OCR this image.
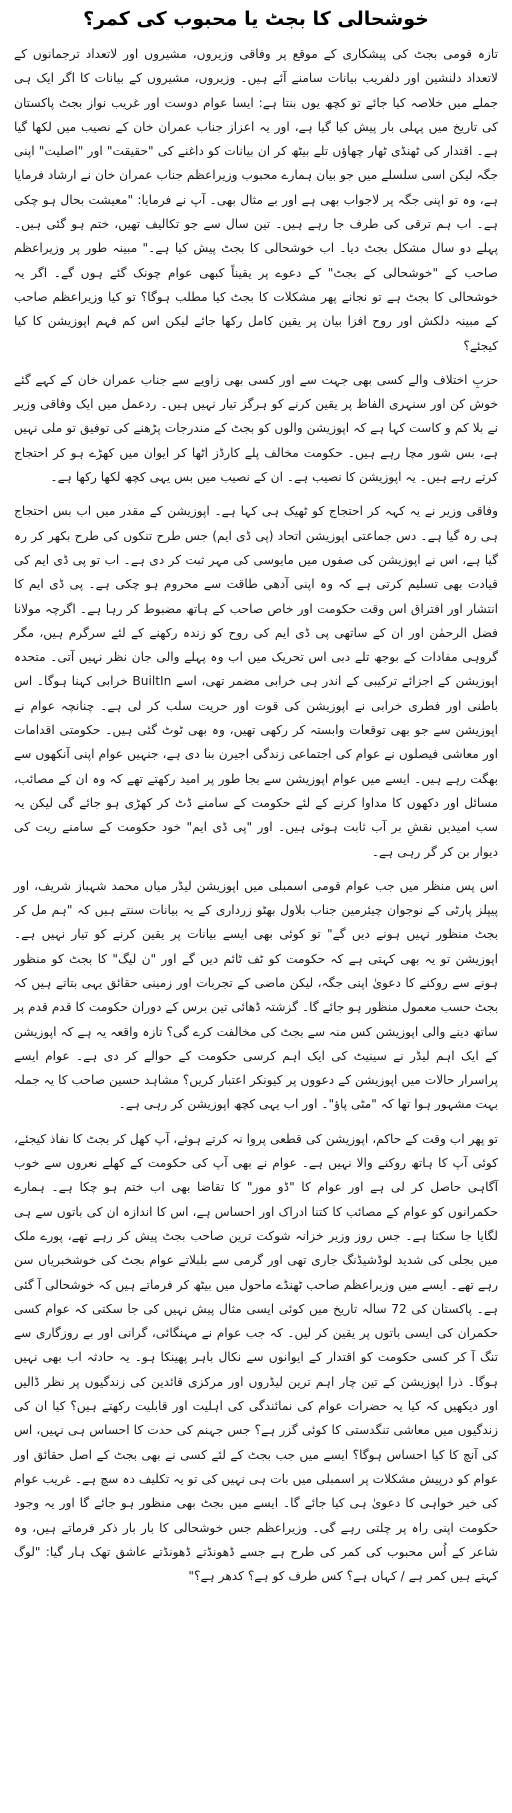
خوشحالی کا بجٹ یا محبوب کی کمر؟

تازہ قومی بجٹ کی پیشکاری کے موقع پر وفاقی وزیروں، مشیروں اور لاتعداد ترجمانوں کے لاتعداد دلنشین اور دلفریب بیانات سامنے آئے ہیں۔ وزیروں، مشیروں کے بیانات کا اگر ایک ہی جملے میں خلاصہ کیا جائے تو کچھ یوں بنتا ہے: ایسا عوام دوست اور غریب نواز بجٹ پاکستان کی تاریخ میں پہلی بار پیش کیا گیا ہے، اور یہ اعزاز جناب عمران خان کے نصیب میں لکھا گیا ہے۔ اقتدار کی ٹھنڈی ٹھار چھاؤں تلے بیٹھ کر ان بیانات کو داغنے کی "حقیقت" اور "اصلیت" اپنی جگہ لیکن اسی سلسلے میں جو بیان ہمارے محبوب وزیراعظم جناب عمران خان نے ارشاد فرمایا ہے، وہ تو اپنی جگہ پر لاجواب بھی ہے اور بے مثال بھی۔ آپ نے فرمایا: "معیشت بحال ہو چکی ہے۔ اب ہم ترقی کی طرف جا رہے ہیں۔ تین سال سے جو تکالیف تھیں، ختم ہو گئی ہیں۔ پہلے دو سال مشکل بجٹ دیا۔ اب خوشحالی کا بجٹ پیش کیا ہے۔" مبینہ طور پر وزیراعظم صاحب کے "خوشحالی کے بجٹ" کے دعوے پر یقیناً کبھی عوام چونک گئے ہوں گے۔ اگر یہ خوشحالی کا بجٹ ہے تو نجانے پھر مشکلات کا بجٹ کیا مطلب ہوگا؟ تو کیا وزیراعظم صاحب کے مبینہ دلکش اور روح افزا بیان پر یقین کامل رکھا جائے لیکن اس کم فہم اپوزیشن کا کیا کیجئے؟

حزبِ اختلاف والے کسی بھی جہت سے اور کسی بھی زاویے سے جناب عمران خان کے کہے گئے خوش کن اور سنہری الفاظ پر یقین کرنے کو ہرگز تیار نہیں ہیں۔ ردعمل میں ایک وفاقی وزیر نے بلا کم و کاست کہا ہے کہ اپوزیشن والوں کو بجٹ کے مندرجات پڑھنے کی توفیق تو ملی نہیں ہے، بس شور مچا رہے ہیں۔ حکومت مخالف پلے کارڈز اٹھا کر ایوان میں کھڑے ہو کر احتجاج کرتے رہے ہیں۔ یہ اپوزیشن کا نصیب ہے۔ ان کے نصیب میں بس یہی کچھ لکھا رکھا ہے۔

وفاقی وزیر نے یہ کہہ کر احتجاج کو ٹھیک ہی کہا ہے۔ اپوزیشن کے مقدر میں اب بس احتجاج ہی رہ گیا ہے۔ دس جماعتی اپوزیشن اتحاد (پی ڈی ایم) جس طرح تنکوں کی طرح بکھر کر رہ گیا ہے، اس نے اپوزیشن کی صفوں میں مایوسی کی مہر ثبت کر دی ہے۔ اب تو پی ڈی ایم کی قیادت بھی تسلیم کرتی ہے کہ وہ اپنی آدھی طاقت سے محروم ہو چکی ہے۔ پی ڈی ایم کا انتشار اور افتراق اس وقت حکومت اور خاص صاحب کے ہاتھ مضبوط کر رہا ہے۔ اگرچہ مولانا فضل الرحمٰن اور ان کے ساتھی پی ڈی ایم کی روح کو زندہ رکھنے کے لئے سرگرم ہیں، مگر گروہی مفادات کے بوجھ تلے دبی اس تحریک میں اب وہ پہلے والی جان نظر نہیں آتی۔ متحدہ اپوزیشن کے اجزائے ترکیبی کے اندر ہی خرابی مضمر تھی، اسے BuiltIn خرابی کہنا ہوگا۔ اس باطنی اور فطری خرابی نے اپوزیشن کی قوت اور حریت سلب کر لی ہے۔ چنانچہ عوام نے اپوزیشن سے جو بھی توقعات وابستہ کر رکھی تھیں، وہ بھی ٹوٹ گئی ہیں۔ حکومتی اقدامات اور معاشی فیصلوں نے عوام کی اجتماعی زندگی اجیرن بنا دی ہے، جنہیں عوام اپنی آنکھوں سے بھگت رہے ہیں۔ ایسے میں عوام اپوزیشن سے بجا طور پر امید رکھتے تھے کہ وہ ان کے مصائب، مسائل اور دکھوں کا مداوا کرنے کے لئے حکومت کے سامنے ڈٹ کر کھڑی ہو جائے گی لیکن یہ سب امیدیں نقشِ بر آب ثابت ہوئی ہیں۔ اور "پی ڈی ایم" خود حکومت کے سامنے ریت کی دیوار بن کر گر رہی ہے۔

اس پس منظر میں جب عوام قومی اسمبلی میں اپوزیشن لیڈر میاں محمد شہباز شریف، اور پیپلز پارٹی کے نوجوان چیئرمین جناب بلاول بھٹو زرداری کے یہ بیانات سنتے ہیں کہ "ہم مل کر بجٹ منظور نہیں ہونے دیں گے" تو کوئی بھی ایسے بیانات پر یقین کرنے کو تیار نہیں ہے۔ اپوزیشن تو یہ بھی کہتی ہے کہ حکومت کو ٹف ٹائم دیں گے اور "ن لیگ" کا بجٹ کو منظور ہونے سے روکنے کا دعویٰ اپنی جگہ، لیکن ماضی کے تجربات اور زمینی حقائق یہی بتاتے ہیں کہ بجٹ حسب معمول منظور ہو جائے گا۔ گزشتہ ڈھائی تین برس کے دوران حکومت کا قدم قدم پر ساتھ دینے والی اپوزیشن کس منہ سے بجٹ کی مخالفت کرے گی؟ تازہ واقعہ یہ ہے کہ اپوزیشن کے ایک اہم لیڈر نے سینیٹ کی ایک اہم کرسی حکومت کے حوالے کر دی ہے۔ عوام ایسے پراسرار حالات میں اپوزیشن کے دعووں پر کیونکر اعتبار کریں؟ مشاہد حسین صاحب کا یہ جملہ بہت مشہور ہوا تھا کہ "مٹی پاؤ"۔ اور اب یہی کچھ اپوزیشن کر رہی ہے۔

تو پھر اب وقت کے حاکم، اپوزیشن کی قطعی پروا نہ کرتے ہوئے، آپ کھل کر بجٹ کا نفاذ کیجئے، کوئی آپ کا ہاتھ روکنے والا نہیں ہے۔ عوام نے بھی آپ کی حکومت کے کھلے نعروں سے خوب آگاہی حاصل کر لی ہے اور عوام کا "ڈو مور" کا تقاضا بھی اب ختم ہو چکا ہے۔ ہمارے حکمرانوں کو عوام کے مصائب کا کتنا ادراک اور احساس ہے، اس کا اندازہ ان کی باتوں سے ہی لگایا جا سکتا ہے۔ جس روز وزیر خزانہ شوکت ترین صاحب بجٹ پیش کر رہے تھے، پورے ملک میں بجلی کی شدید لوڈشیڈنگ جاری تھی اور گرمی سے بلبلاتے عوام بجٹ کی خوشخبریاں سن رہے تھے۔ ایسے میں وزیراعظم صاحب ٹھنڈے ماحول میں بیٹھ کر فرماتے ہیں کہ خوشحالی آ گئی ہے۔ پاکستان کی 72 سالہ تاریخ میں کوئی ایسی مثال پیش نہیں کی جا سکتی کہ عوام کسی حکمران کی ایسی باتوں پر یقین کر لیں۔ کہ جب عوام نے مہنگائی، گرانی اور بے روزگاری سے تنگ آ کر کسی حکومت کو اقتدار کے ایوانوں سے نکال باہر پھینکا ہو۔ یہ حادثہ اب بھی نہیں ہوگا۔ ذرا اپوزیشن کے تین چار اہم ترین لیڈروں اور مرکزی قائدین کی زندگیوں پر نظر ڈالیں اور دیکھیں کہ کیا یہ حضرات عوام کی نمائندگی کی اہلیت اور قابلیت رکھتے ہیں؟ کیا ان کی زندگیوں میں معاشی تنگدستی کا کوئی گزر ہے؟ جس جہنم کی حدت کا احساس ہی نہیں، اس کی آنچ کا کیا احساس ہوگا؟ ایسے میں جب بجٹ کے لئے کسی نے بھی بجٹ کے اصل حقائق اور عوام کو درپیش مشکلات پر اسمبلی میں بات ہی نہیں کی تو یہ تکلیف دہ سچ ہے۔ غریب عوام کی خیر خواہی کا دعویٰ ہی کیا جائے گا۔ ایسے میں بجٹ بھی منظور ہو جائے گا اور یہ وجود حکومت اپنی راہ پر چلتی رہے گی۔ وزیراعظم جس خوشحالی کا بار بار ذکر فرماتے ہیں، وہ شاعر کے اُس محبوب کی کمر کی طرح ہے جسے ڈھونڈتے ڈھونڈتے عاشق تھک ہار گیا: "لوگ کہتے ہیں کمر ہے / کہاں ہے؟ کس طرف کو ہے؟ کدھر ہے؟"
